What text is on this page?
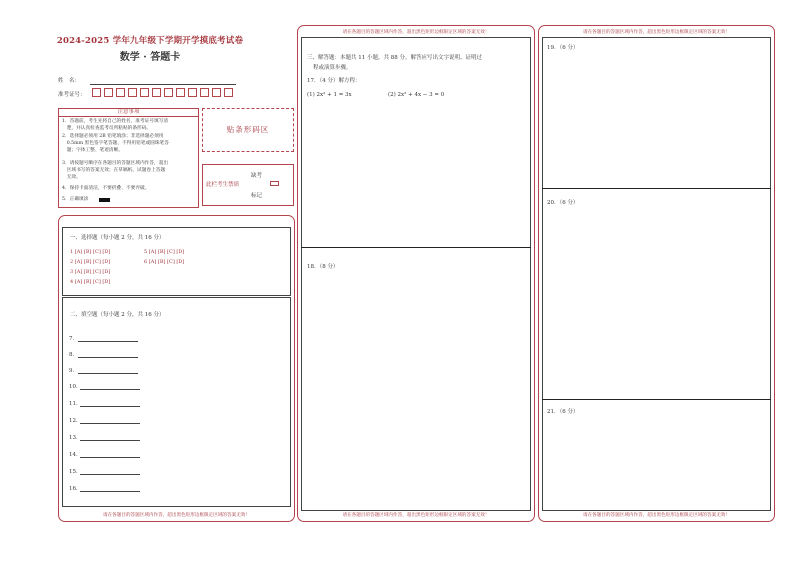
2024-2025 学年九年级下学期开学摸底考试卷
数学 · 答题卡
姓　名：
准考证号：
注意事项
1．答题前，考生先将自己的姓名，准考证号填写清
　楚，并认真检查监考员所粘贴的条形码。
2．选择题必须用 2B 铅笔填涂；非选择题必须用
　0.5mm 黑色签字笔答题，不得用铅笔或圆珠笔答
　题；字体工整、笔迹清晰。
3．请按题号顺序在各题目的答题区域内作答，超出
　区域书写的答案无效；在草稿纸、试题卷上答题
　无效。
4．保持卡面清洁，不要折叠、不要弄破。
5．正确填涂
贴条形码区
此栏考生禁填
缺考
标记
一、选择题（每小题 2 分，共 16 分）
1 [A] [B] [C] [D]
2 [A] [B] [C] [D]
3 [A] [B] [C] [D]
4 [A] [B] [C] [D]
5 [A] [B] [C] [D]
6 [A] [B] [C] [D]
二、填空题（每小题 2 分，共 16 分）
7．
8．
9．
10．
11．
12．
13．
14．
15．
16．
请在各题目的答题区域内作答，超出黑色矩形边框限定区域的答案无效！
请在各题目的答题区域内作答，超出黑色矩形边框限定区域的答案无效！
三、解答题：本题共 11 小题，共 88 分。解答应写出文字说明、证明过
程或演算步骤。
17．（4 分）解方程：
(1) 2x² + 1 = 3x	(2) 2x² + 4x − 3 = 0
18．（8 分）
请在各题目的答题区域内作答，超出黑色矩形边框限定区域的答案无效！
请在各题目的答题区域内作答，超出黑色矩形边框限定区域的答案无效！
19．（6 分）
20．（6 分）
21．（6 分）
请在各题目的答题区域内作答，超出黑色矩形边框限定区域的答案无效！
